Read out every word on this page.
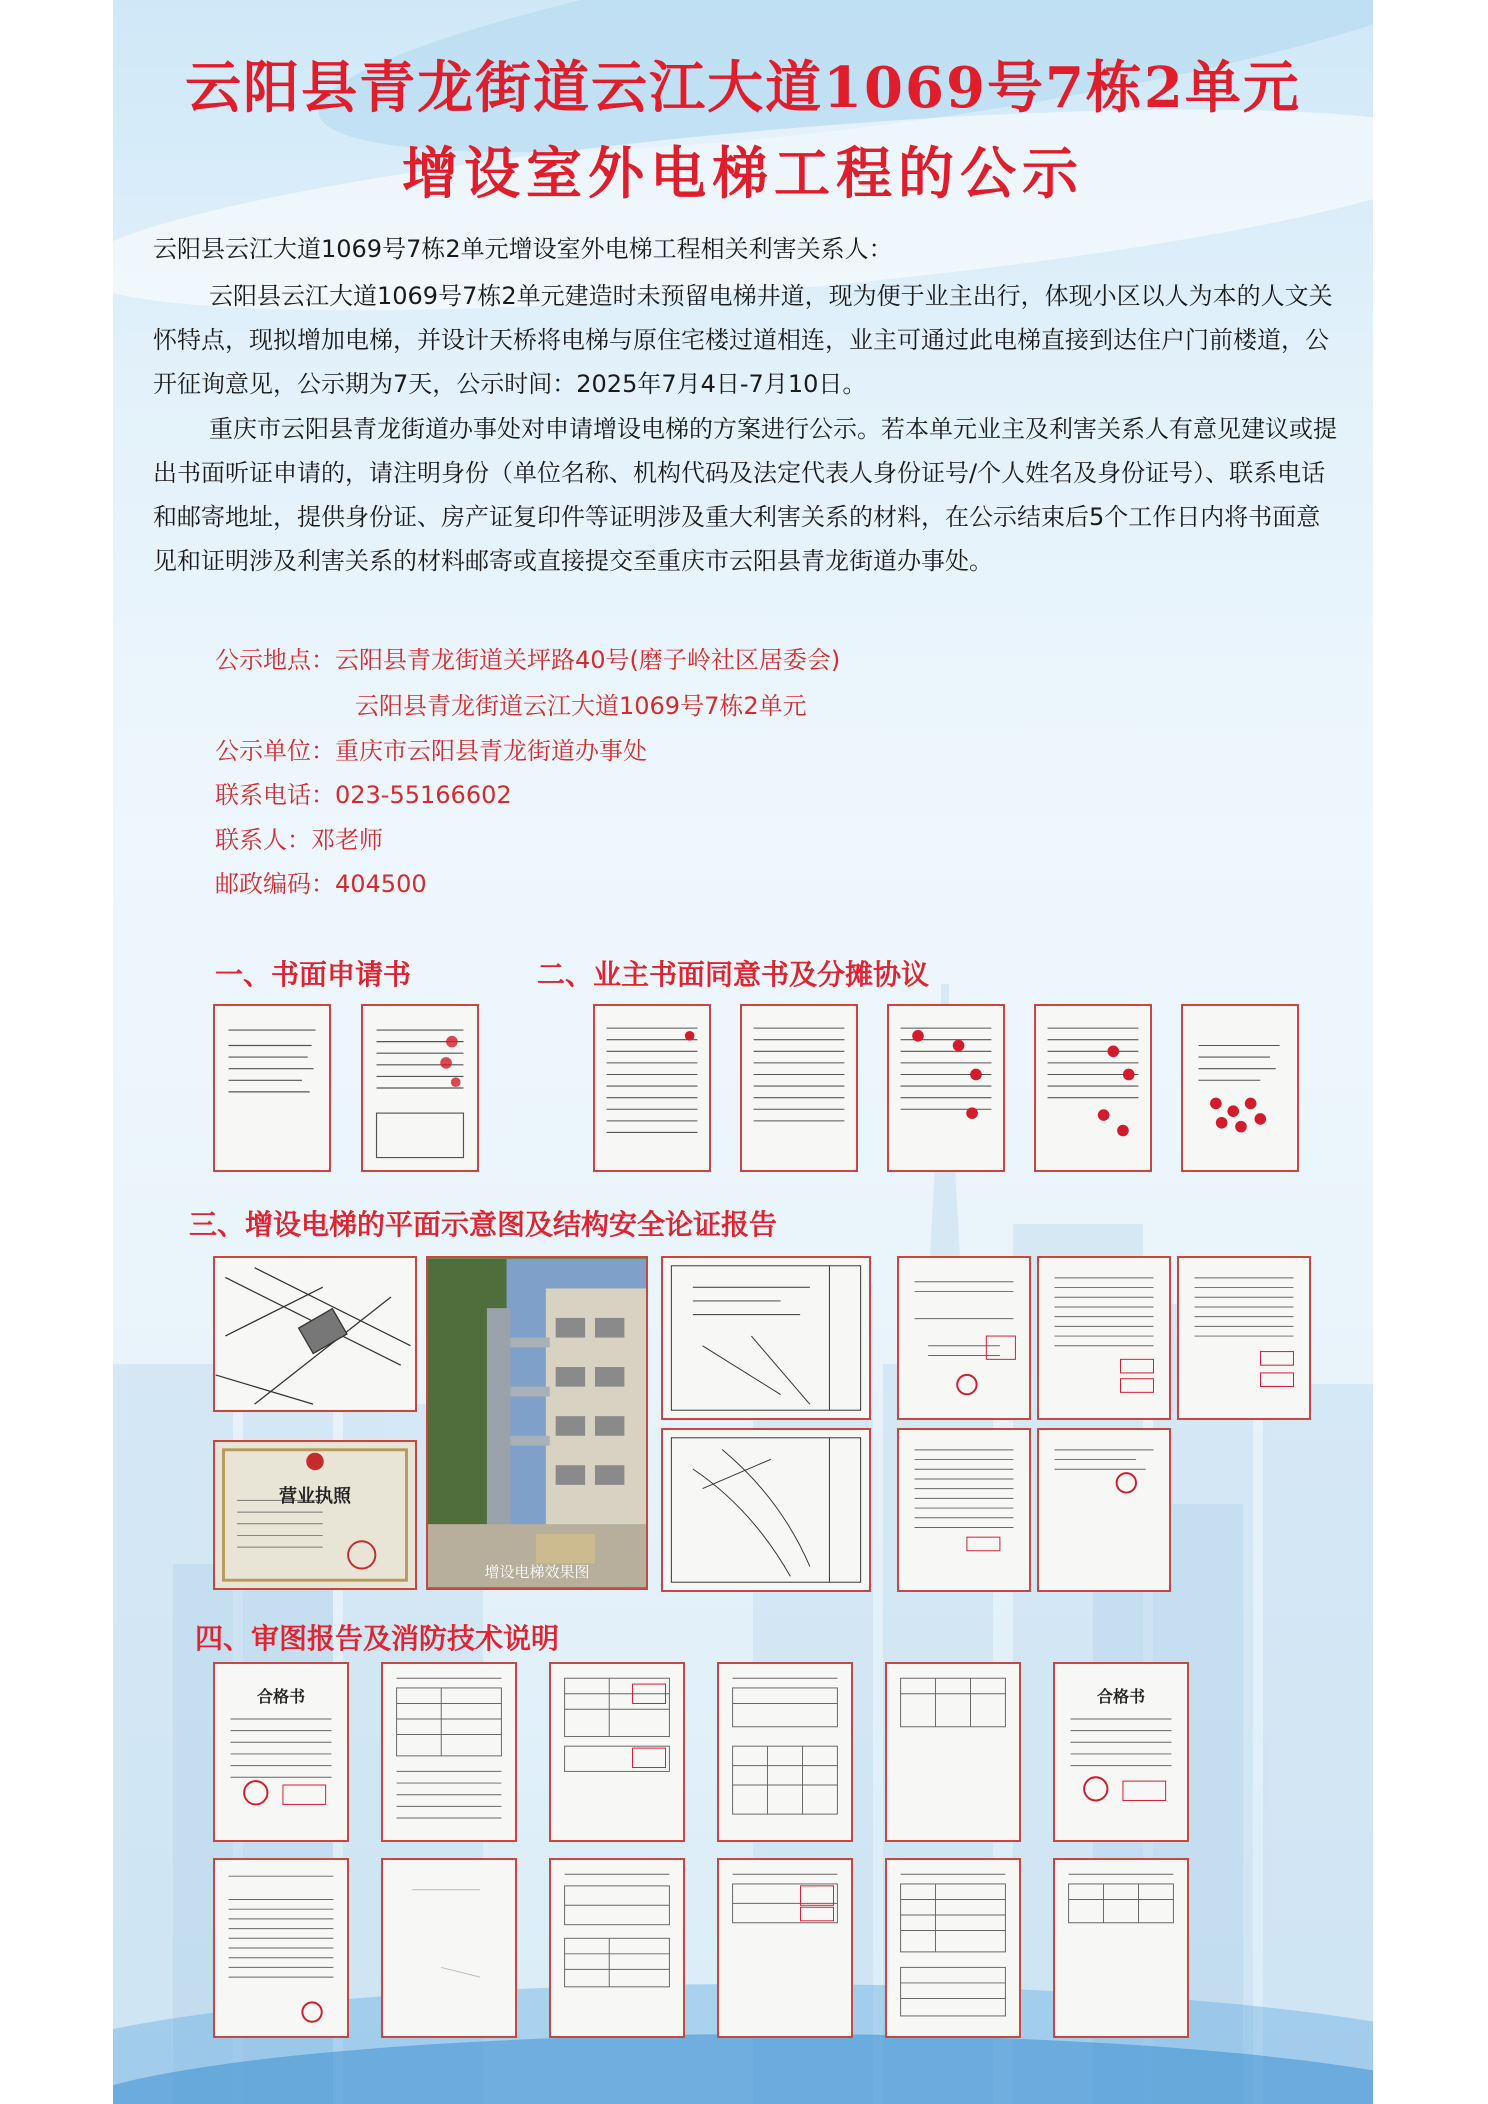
云阳县青龙街道云江大道1069号7栋2单元
增设室外电梯工程的公示
云阳县云江大道1069号7栋2单元增设室外电梯工程相关利害关系人：
云阳县云江大道1069号7栋2单元建造时未预留电梯井道，现为便于业主出行，体现小区以人为本的人文关怀特点，现拟增加电梯，并设计天桥将电梯与原住宅楼过道相连，业主可通过此电梯直接到达住户门前楼道，公开征询意见，公示期为7天，公示时间：2025年7月4日-7月10日。
重庆市云阳县青龙街道办事处对申请增设电梯的方案进行公示。若本单元业主及利害关系人有意见建议或提出书面听证申请的，请注明身份（单位名称、机构代码及法定代表人身份证号/个人姓名及身份证号）、联系电话和邮寄地址，提供身份证、房产证复印件等证明涉及重大利害关系的材料，在公示结束后5个工作日内将书面意见和证明涉及利害关系的材料邮寄或直接提交至重庆市云阳县青龙街道办事处。
公示地点：云阳县青龙街道关坪路40号(磨子岭社区居委会)
云阳县青龙街道云江大道1069号7栋2单元
公示单位：重庆市云阳县青龙街道办事处
联系电话：023-55166602
联系人：邓老师
邮政编码：404500
一、书面申请书	二、业主书面同意书及分摊协议
三、增设电梯的平面示意图及结构安全论证报告
营业执照
增设电梯效果图
四、审图报告及消防技术说明
合格书	合格书
